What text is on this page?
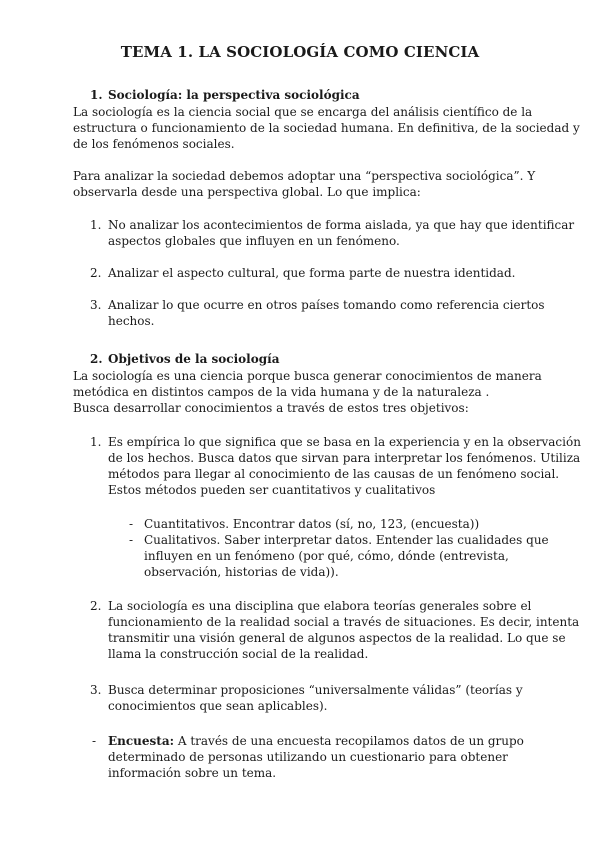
TEMA 1. LA SOCIOLOGÍA COMO CIENCIA
1. Sociología: la perspectiva sociológica
La sociología es la ciencia social que se encarga del análisis científico de la
estructura o funcionamiento de la sociedad humana. En definitiva, de la sociedad y
de los fenómenos sociales.
Para analizar la sociedad debemos adoptar una “perspectiva sociológica”. Y
observarla desde una perspectiva global. Lo que implica:
1. No analizar los acontecimientos de forma aislada, ya que hay que identificar
aspectos globales que influyen en un fenómeno.
2. Analizar el aspecto cultural, que forma parte de nuestra identidad.
3. Analizar lo que ocurre en otros países tomando como referencia ciertos
hechos.
2. Objetivos de la sociología
La sociología es una ciencia porque busca generar conocimientos de manera
metódica en distintos campos de la vida humana y de la naturaleza .
Busca desarrollar conocimientos a través de estos tres objetivos:
1. Es empírica lo que significa que se basa en la experiencia y en la observación
de los hechos. Busca datos que sirvan para interpretar los fenómenos. Utiliza
métodos para llegar al conocimiento de las causas de un fenómeno social.
Estos métodos pueden ser cuantitativos y cualitativos
- Cuantitativos. Encontrar datos (sí, no, 123, (encuesta))
- Cualitativos. Saber interpretar datos. Entender las cualidades que
influyen en un fenómeno (por qué, cómo, dónde (entrevista,
observación, historias de vida)).
2. La sociología es una disciplina que elabora teorías generales sobre el
funcionamiento de la realidad social a través de situaciones. Es decir, intenta
transmitir una visión general de algunos aspectos de la realidad. Lo que se
llama la construcción social de la realidad.
3. Busca determinar proposiciones “universalmente válidas” (teorías y
conocimientos que sean aplicables).
- Encuesta: A través de una encuesta recopilamos datos de un grupo
determinado de personas utilizando un cuestionario para obtener
información sobre un tema.
